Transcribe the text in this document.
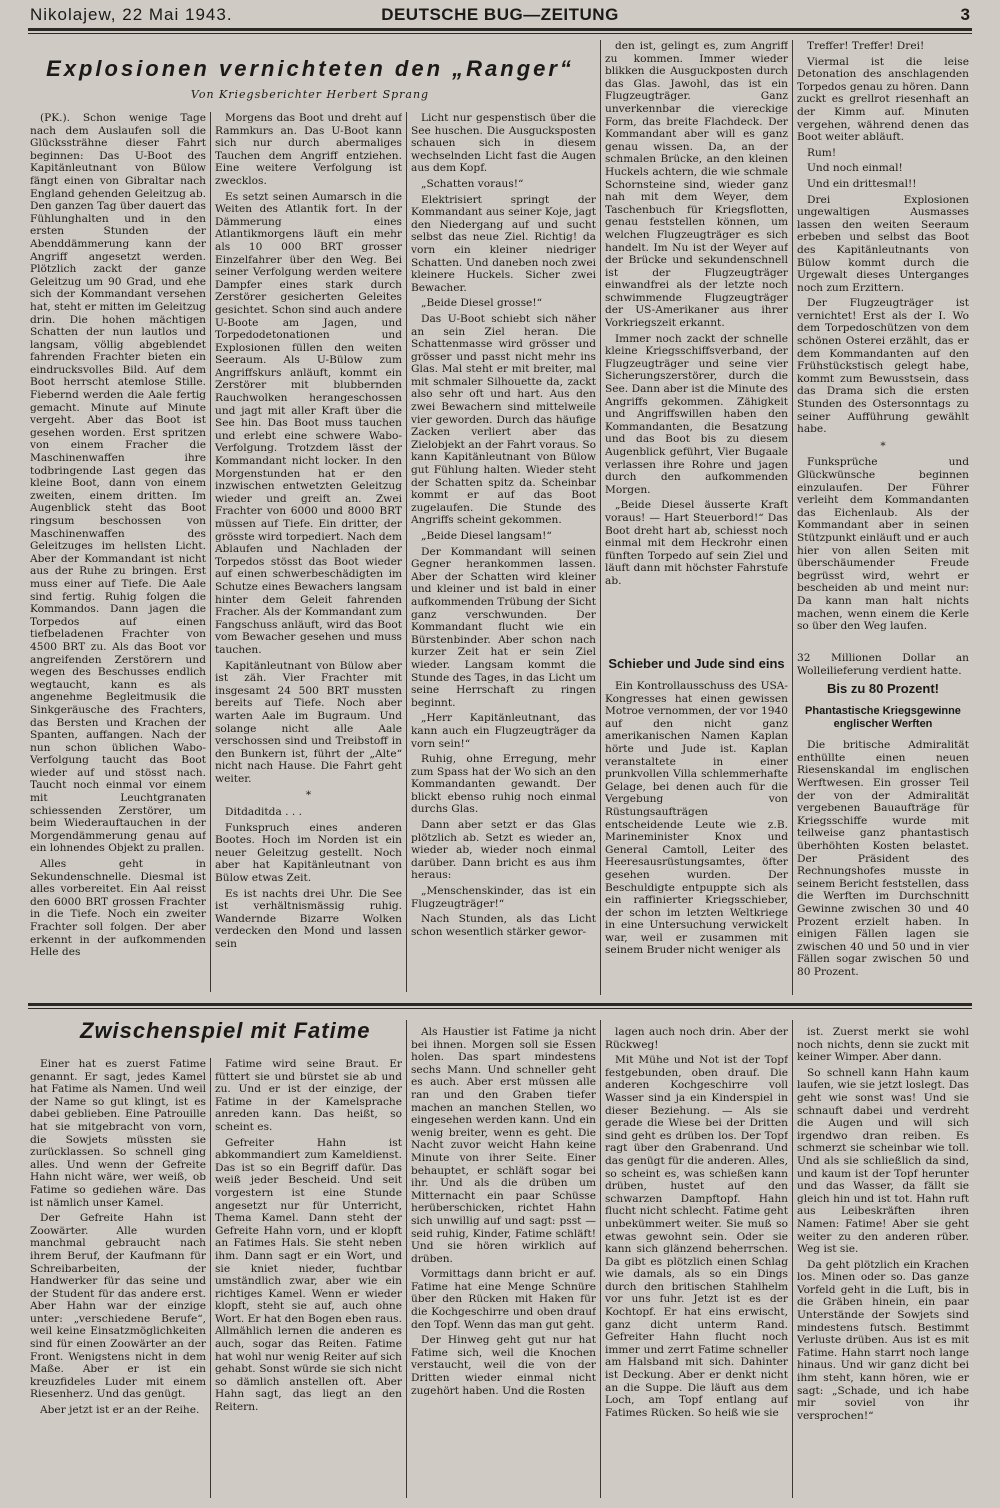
Nikolajew, 22 Mai 1943.	DEUTSCHE BUG—ZEITUNG	3
Explosionen vernichteten den „Ranger“
Von Kriegsberichter Herbert Sprang

(PK.). Schon wenige Tage nach dem Auslaufen soll die Glückssträhne dieser Fahrt beginnen: Das U-Boot des Kapitänleutnant von Bülow fängt einen von Gibraltar nach England gehenden Geleitzug ab. Den ganzen Tag über dauert das Fühlunghalten und in den ersten Stunden der Abenddämmerung kann der Angriff angesetzt werden. Plötzlich zackt der ganze Geleitzug um 90 Grad, und ehe sich der Kommandant versehen hat, steht er mitten im Geleitzug drin. Die hohen mächtigen Schatten der nun lautlos und langsam, völlig abgeblendet fahrenden Frachter bieten ein eindrucksvolles Bild. Auf dem Boot herrscht atemlose Stille. Fiebernd werden die Aale fertig gemacht. Minute auf Minute vergeht. Aber das Boot ist gesehen worden. Erst spritzen von einem Fracher die Maschinenwaffen ihre todbringende Last gegen das kleine Boot, dann von einem zweiten, einem dritten. Im Augenblick steht das Boot ringsum beschossen von Maschinenwaffen des Geleitzuges im hellsten Licht. Aber der Kommandant ist nicht aus der Ruhe zu bringen. Erst muss einer auf Tiefe. Die Aale sind fertig. Ruhig folgen die Kommandos. Dann jagen die Torpedos auf einen tiefbeladenen Frachter von 4500 BRT zu. Als das Boot vor angreifenden Zerstörern und wegen des Beschusses endlich wegtaucht, kann es als angenehme Begleitmusik die Sinkgeräusche des Frachters, das Bersten und Krachen der Spanten, auffangen. Nach der nun schon üblichen Wabo-Verfolgung taucht das Boot wieder auf und stösst nach. Taucht noch einmal vor einem mit Leuchtgranaten schiessenden Zerstörer, um beim Wiederauftauchen in der Morgendämmerung genau auf ein lohnendes Objekt zu prallen.

Alles geht in Sekundenschnelle. Diesmal ist alles vorbereitet. Ein Aal reisst den 6000 BRT grossen Frachter in die Tiefe. Noch ein zweiter Frachter soll folgen. Der aber erkennt in der aufkommenden Helle des

Morgens das Boot und dreht auf Rammkurs an. Das U-Boot kann sich nur durch abermaliges Tauchen dem Angriff entziehen. Eine weitere Verfolgung ist zwecklos.

Es setzt seinen Aumarsch in die Weiten des Atlantik fort. In der Dämmerung eines Atlantikmorgens läuft ein mehr als 10 000 BRT grosser Einzelfahrer über den Weg. Bei seiner Verfolgung werden weitere Dampfer eines stark durch Zerstörer gesicherten Geleites gesichtet. Schon sind auch andere U-Boote am Jagen, und Torpedodetonationen und Explosionen füllen den weiten Seeraum. Als U-Bülow zum Angriffskurs anläuft, kommt ein Zerstörer mit blubbernden Rauchwolken herangeschossen und jagt mit aller Kraft über die See hin. Das Boot muss tauchen und erlebt eine schwere Wabo-Verfolgung. Trotzdem lässt der Kommandant nicht locker. In den Morgenstunden hat er den inzwischen entwetzten Geleitzug wieder und greift an. Zwei Frachter von 6000 und 8000 BRT müssen auf Tiefe. Ein dritter, der grösste wird torpediert. Nach dem Ablaufen und Nachladen der Torpedos stösst das Boot wieder auf einen schwerbeschädigten im Schutze eines Bewachers langsam hinter dem Geleit fahrenden Fracher. Als der Kommandant zum Fangschuss anläuft, wird das Boot vom Bewacher gesehen und muss tauchen.

Kapitänleutnant von Bülow aber ist zäh. Vier Frachter mit insgesamt 24 500 BRT mussten bereits auf Tiefe. Noch aber warten Aale im Bugraum. Und solange nicht alle Aale verschossen sind und Treibstoff in den Bunkern ist, führt der „Alte“ nicht nach Hause. Die Fahrt geht weiter.

*

Ditdaditda . . .

Funkspruch eines anderen Bootes. Hoch im Norden ist ein neuer Geleitzug gestellt. Noch aber hat Kapitänleutnant von Bülow etwas Zeit.

Es ist nachts drei Uhr. Die See ist verhältnismässig ruhig. Wandernde Bizarre Wolken verdecken den Mond und lassen sein

Licht nur gespenstisch über die See huschen. Die Ausgucksposten schauen sich in diesem wechselnden Licht fast die Augen aus dem Kopf.

„Schatten voraus!“

Elektrisiert springt der Kommandant aus seiner Koje, jagt den Niedergang auf und sucht selbst das neue Ziel. Richtig! da vorn ein kleiner niedriger Schatten. Und daneben noch zwei kleinere Huckels. Sicher zwei Bewacher.

„Beide Diesel grosse!“

Das U-Boot schiebt sich näher an sein Ziel heran. Die Schattenmasse wird grösser und grösser und passt nicht mehr ins Glas. Mal steht er mit breiter, mal mit schmaler Silhouette da, zackt also sehr oft und hart. Aus den zwei Bewachern sind mittelweile vier geworden. Durch das häufige Zacken verliert aber das Zielobjekt an der Fahrt voraus. So kann Kapitänleutnant von Bülow gut Fühlung halten. Wieder steht der Schatten spitz da. Scheinbar kommt er auf das Boot zugelaufen. Die Stunde des Angriffs scheint gekommen.

„Beide Diesel langsam!“

Der Kommandant will seinen Gegner herankommen lassen. Aber der Schatten wird kleiner und kleiner und ist bald in einer aufkommenden Trübung der Sicht ganz verschwunden. Der Kommandant flucht wie ein Bürstenbinder. Aber schon nach kurzer Zeit hat er sein Ziel wieder. Langsam kommt die Stunde des Tages, in das Licht um seine Herrschaft zu ringen beginnt.

„Herr Kapitänleutnant, das kann auch ein Flugzeugträger da vorn sein!“

Ruhig, ohne Erregung, mehr zum Spass hat der Wo sich an den Kommandanten gewandt. Der blickt ebenso ruhig noch einmal durchs Glas.

Dann aber setzt er das Glas plötzlich ab. Setzt es wieder an, wieder ab, wieder noch einmal darüber. Dann bricht es aus ihm heraus:

„Menschenskinder, das ist ein Flugzeugträger!“

Nach Stunden, als das Licht schon wesentlich stärker gewor-

den ist, gelingt es, zum Angriff zu kommen. Immer wieder blikken die Ausguckposten durch das Glas. Jawohl, das ist ein Flugzeugträger. Ganz unverkennbar die viereckige Form, das breite Flachdeck. Der Kommandant aber will es ganz genau wissen. Da, an der schmalen Brücke, an den kleinen Huckels achtern, die wie schmale Schornsteine sind, wieder ganz nah mit dem Weyer, dem Taschenbuch für Kriegsflotten, genau feststellen können, um welchen Flugzeugträger es sich handelt. Im Nu ist der Weyer auf der Brücke und sekundenschnell ist der Flugzeugträger einwandfrei als der letzte noch schwimmende Flugzeugträger der US-Amerikaner aus ihrer Vorkriegszeit erkannt.

Immer noch zackt der schnelle kleine Kriegsschiffsverband, der Flugzeugträger und seine vier Sicherungszerstörer, durch die See. Dann aber ist die Minute des Angriffs gekommen. Zähigkeit und Angriffswillen haben den Kommandanten, die Besatzung und das Boot bis zu diesem Augenblick geführt, Vier Bugaale verlassen ihre Rohre und jagen durch den aufkommenden Morgen.

„Beide Diesel äusserte Kraft voraus! — Hart Steuerbord!“ Das Boot dreht hart ab, schiesst noch einmal mit dem Heckrohr einen fünften Torpedo auf sein Ziel und läuft dann mit höchster Fahrstufe ab.

Schieber und Jude sind eins

Ein Kontrollausschuss des USA-Kongresses hat einen gewissen Motroe vernommen, der vor 1940 auf den nicht ganz amerikanischen Namen Kaplan hörte und Jude ist. Kaplan veranstaltete in einer prunkvollen Villa schlemmerhafte Gelage, bei denen auch für die Vergebung von Rüstungsaufträgen entscheidende Leute wie z.B. Marineminister Knox und General Camtoll, Leiter des Heeresausrüstungsamtes, öfter gesehen wurden. Der Beschuldigte entpuppte sich als ein raffinierter Kriegsschieber, der schon im letzten Weltkriege in eine Untersuchung verwickelt war, weil er zusammen mit seinem Bruder nicht weniger als

Treffer! Treffer! Drei!

Viermal ist die leise Detonation des anschlagenden Torpedos genau zu hören. Dann zuckt es grellrot riesenhaft an der Kimm auf. Minuten vergehen, während denen das Boot weiter abläuft.

Rum!

Und noch einmal!

Und ein drittesmal!!

Drei Explosionen ungewaltigen Ausmasses lassen den weiten Seeraum erbeben und selbst das Boot des Kapitänleutnants von Bülow kommt durch die Urgewalt dieses Unterganges noch zum Erzittern.

Der Flugzeugträger ist vernichtet! Erst als der I. Wo dem Torpedoschützen von dem schönen Osterei erzählt, das er dem Kommandanten auf den Frühstückstisch gelegt habe, kommt zum Bewusstsein, dass das Drama sich die ersten Stunden des Ostersonntags zu seiner Aufführung gewählt habe.

*

Funksprüche und Glückwünsche beginnen einzulaufen. Der Führer verleiht dem Kommandanten das Eichenlaub. Als der Kommandant aber in seinen Stützpunkt einläuft und er auch hier von allen Seiten mit überschäumender Freude begrüsst wird, wehrt er bescheiden ab und meint nur: Da kann man halt nichts machen, wenn einem die Kerle so über den Weg laufen.

32 Millionen Dollar an Wolleilieferung verdient hatte.

Bis zu 80 Prozent!
Phantastische Kriegsgewinne englischer Werften

Die britische Admiralität enthüllte einen neuen Riesenskandal im englischen Werftwesen. Ein grosser Teil der von der Admiralität vergebenen Bauaufträge für Kriegsschiffe wurde mit teilweise ganz phantastisch überhöhten Kosten belastet. Der Präsident des Rechnungshofes musste in seinem Bericht feststellen, dass die Werften im Durchschnitt Gewinne zwischen 30 und 40 Prozent erzielt haben. In einigen Fällen lagen sie zwischen 40 und 50 und in vier Fällen sogar zwischen 50 und 80 Prozent.

Zwischenspiel mit Fatime

Einer hat es zuerst Fatime genannt. Er sagt, jedes Kamel hat Fatime als Namen. Und weil der Name so gut klingt, ist es dabei geblieben. Eine Patrouille hat sie mitgebracht von vorn, die Sowjets müssten sie zurücklassen. So schnell ging alles. Und wenn der Gefreite Hahn nicht wäre, wer weiß, ob Fatime so gediehen wäre. Das ist nämlich unser Kamel.

Der Gefreite Hahn ist Zoowärter. Alle wurden manchmal gebraucht nach ihrem Beruf, der Kaufmann für Schreibarbeiten, der Handwerker für das seine und der Student für das andere erst. Aber Hahn war der einzige unter: „verschiedene Berufe“, weil keine Einsatzmöglichkeiten sind für einen Zoowärter an der Front. Wenigstens nicht in dem Maße. Aber er ist ein kreuzfideles Luder mit einem Riesenherz. Und das genügt.

Aber jetzt ist er an der Reihe.

Fatime wird seine Braut. Er füttert sie und bürstet sie ab und zu. Und er ist der einzige, der Fatime in der Kamelsprache anreden kann. Das heißt, so scheint es.

Gefreiter Hahn ist abkommandiert zum Kameldienst. Das ist so ein Begriff dafür. Das weiß jeder Bescheid. Und seit vorgestern ist eine Stunde angesetzt nur für Unterricht, Thema Kamel. Dann steht der Gefreite Hahn vorn, und er klopft an Fatimes Hals. Sie steht neben ihm. Dann sagt er ein Wort, und sie kniet nieder, fuchtbar umständlich zwar, aber wie ein richtiges Kamel. Wenn er wieder klopft, steht sie auf, auch ohne Wort. Er hat den Bogen eben raus. Allmählich lernen die anderen es auch, sogar das Reiten. Fatime hat wohl nur wenig Reiter auf sich gehabt. Sonst würde sie sich nicht so dämlich anstellen oft. Aber Hahn sagt, das liegt an den Reitern.

Als Haustier ist Fatime ja nicht bei ihnen. Morgen soll sie Essen holen. Das spart mindestens sechs Mann. Und schneller geht es auch. Aber erst müssen alle ran und den Graben tiefer machen an manchen Stellen, wo eingesehen werden kann. Und ein wenig breiter, wenn es geht. Die Nacht zuvor weicht Hahn keine Minute von ihrer Seite. Einer behauptet, er schläft sogar bei ihr. Und als die drüben um Mitternacht ein paar Schüsse herüberschicken, richtet Hahn sich unwillig auf und sagt: psst — seid ruhig, Kinder, Fatime schläft! Und sie hören wirklich auf drüben.

Vormittags dann bricht er auf. Fatime hat eine Menge Schnüre über den Rücken mit Haken für die Kochgeschirre und oben drauf den Topf. Wenn das man gut geht.

Der Hinweg geht gut nur hat Fatime sich, weil die Knochen verstaucht, weil die von der Dritten wieder einmal nicht zugehört haben. Und die Rosten

lagen auch noch drin. Aber der Rückweg!

Mit Mühe und Not ist der Topf festgebunden, oben drauf. Die anderen Kochgeschirre voll Wasser sind ja ein Kinderspiel in dieser Beziehung. — Als sie gerade die Wiese bei der Dritten sind geht es drüben los. Der Topf ragt über den Grabenrand. Und das genügt für die anderen. Alles, so scheint es, was schießen kann drüben, hustet auf den schwarzen Dampftopf. Hahn flucht nicht schlecht. Fatime geht unbekümmert weiter. Sie muß so etwas gewohnt sein. Oder sie kann sich glänzend beherrschen. Da gibt es plötzlich einen Schlag wie damals, als so ein Dings durch den britischen Stahlhelm vor uns fuhr. Jetzt ist es der Kochtopf. Er hat eins erwischt, ganz dicht unterm Rand. Gefreiter Hahn flucht noch immer und zerrt Fatime schneller am Halsband mit sich. Dahinter ist Deckung. Aber er denkt nicht an die Suppe. Die läuft aus dem Loch, am Topf entlang auf Fatimes Rücken. So heiß wie sie

ist. Zuerst merkt sie wohl noch nichts, denn sie zuckt mit keiner Wimper. Aber dann.

So schnell kann Hahn kaum laufen, wie sie jetzt loslegt. Das geht wie sonst was! Und sie schnauft dabei und verdreht die Augen und will sich irgendwo dran reiben. Es schmerzt sie scheinbar wie toll. Und als sie schließlich da sind, und kaum ist der Topf herunter und das Wasser, da fällt sie gleich hin und ist tot. Hahn ruft aus Leibeskräften ihren Namen: Fatime! Aber sie geht weiter zu den anderen rüber. Weg ist sie.

Da geht plötzlich ein Krachen los. Minen oder so. Das ganze Vorfeld geht in die Luft, bis in die Gräben hinein, ein paar Unterstände der Sowjets sind mindestens futsch. Bestimmt Verluste drüben. Aus ist es mit Fatime. Hahn starrt noch lange hinaus. Und wir ganz dicht bei ihm steht, kann hören, wie er sagt: „Schade, und ich habe mir soviel von ihr versprochen!“
